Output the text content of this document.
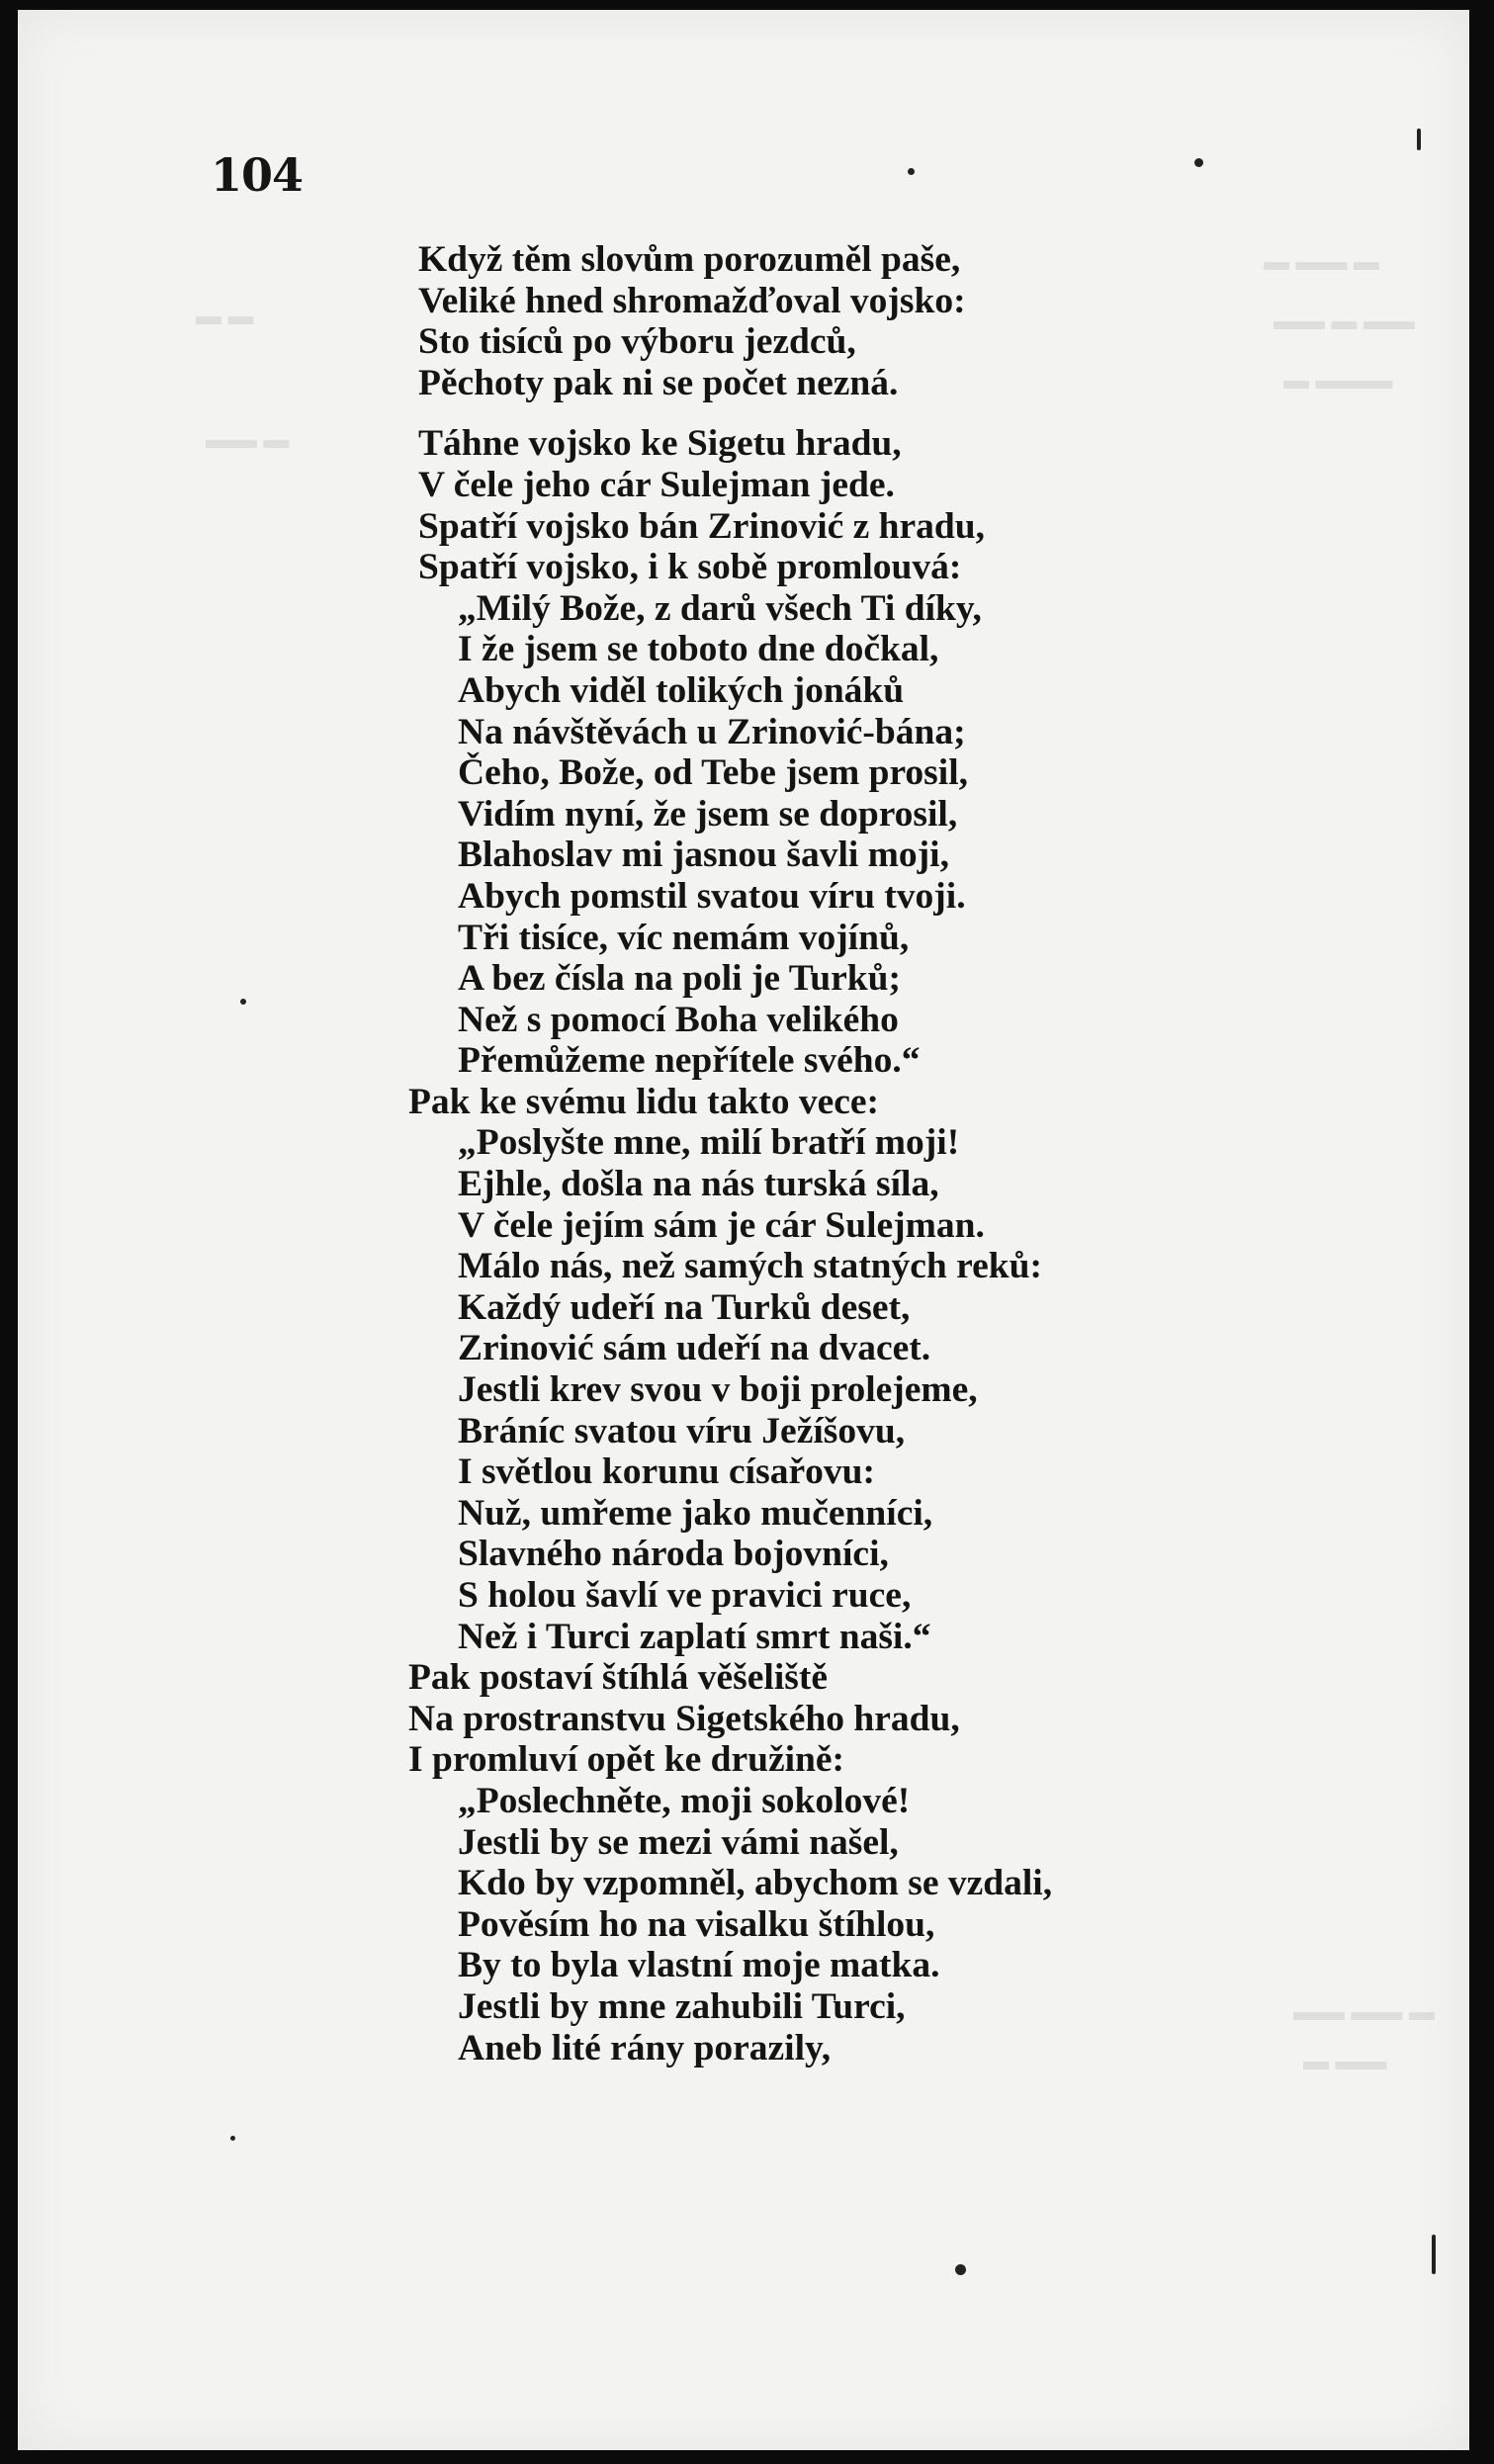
▬ ▬▬ ▬
▬▬ ▬ ▬▬
▬ ▬▬▬
▬ ▬
▬▬ ▬
▬▬ ▬▬ ▬
▬ ▬▬
104
Když těm slovům porozuměl paše,
Veliké hned shromažďoval vojsko:
Sto tisíců po výboru jezdců,
Pěchoty pak ni se počet nezná.
Táhne vojsko ke Sigetu hradu,
V čele jeho cár Sulejman jede.
Spatří vojsko bán Zrinović z hradu,
Spatří vojsko, i k sobě promlouvá:
„Milý Bože, z darů všech Ti díky,
I že jsem se toboto dne dočkal,
Abych viděl tolikých jonáků
Na návštěvách u Zrinović-bána;
Čeho, Bože, od Tebe jsem prosil,
Vidím nyní, že jsem se doprosil,
Blahoslav mi jasnou šavli moji,
Abych pomstil svatou víru tvoji.
Tři tisíce, víc nemám vojínů,
A bez čísla na poli je Turků;
Než s pomocí Boha velikého
Přemůžeme nepřítele svého.“
Pak ke svému lidu takto vece:
„Poslyšte mne, milí bratří moji!
Ejhle, došla na nás turská síla,
V čele jejím sám je cár Sulejman.
Málo nás, než samých statných reků:
Každý udeří na Turků deset,
Zrinović sám udeří na dvacet.
Jestli krev svou v boji prolejeme,
Bráníc svatou víru Ježíšovu,
I světlou korunu císařovu:
Nuž, umřeme jako mučenníci,
Slavného národa bojovníci,
S holou šavlí ve pravici ruce,
Než i Turci zaplatí smrt naši.“
Pak postaví štíhlá věšeliště
Na prostranstvu Sigetského hradu,
I promluví opět ke družině:
„Poslechněte, moji sokolové!
Jestli by se mezi vámi našel,
Kdo by vzpomněl, abychom se vzdali,
Pověsím ho na visalku štíhlou,
By to byla vlastní moje matka.
Jestli by mne zahubili Turci,
Aneb lité rány porazily,
